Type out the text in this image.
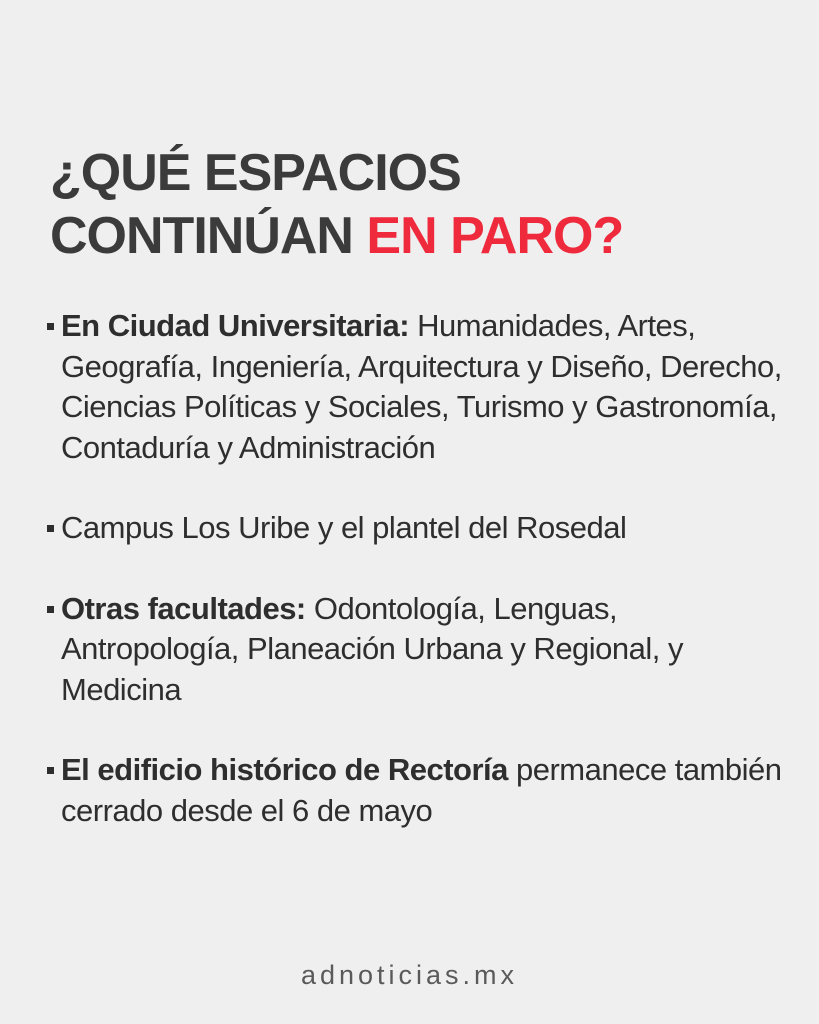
¿QUÉ ESPACIOS
CONTINÚAN EN PARO?
En Ciudad Universitaria: Humanidades, Artes, Geografía, Ingeniería, Arquitectura y Diseño, Derecho, Ciencias Políticas y Sociales, Turismo y Gastronomía, Contaduría y Administración
Campus Los Uribe y el plantel del Rosedal
Otras facultades: Odontología, Lenguas, Antropología, Planeación Urbana y Regional, y Medicina
El edificio histórico de Rectoría permanece también cerrado desde el 6 de mayo
adnoticias.mx
